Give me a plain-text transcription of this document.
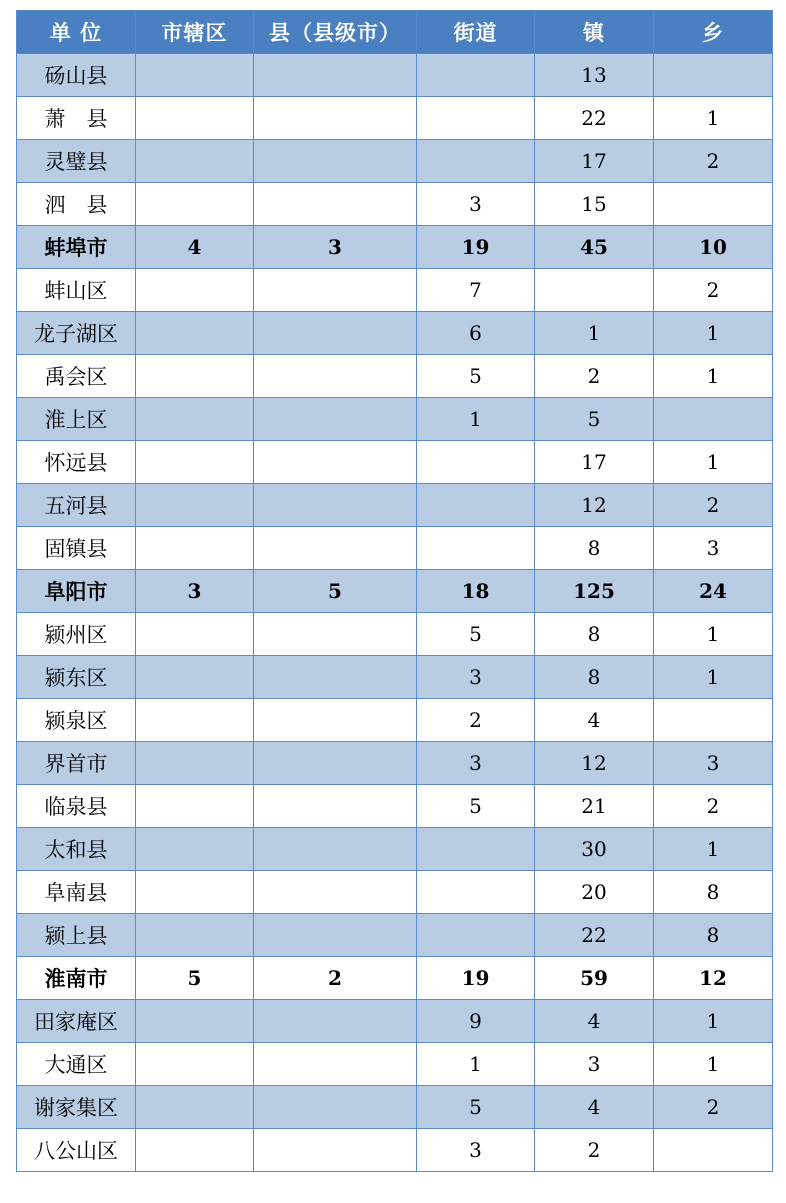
单 位	市辖区	县（县级市）	街道	镇	乡
砀山县				13	
萧　县				22	1
灵璧县				17	2
泗　县			3	15	
蚌埠市	4	3	19	45	10
蚌山区			7		2
龙子湖区			6	1	1
禹会区			5	2	1
淮上区			1	5	
怀远县				17	1
五河县				12	2
固镇县				8	3
阜阳市	3	5	18	125	24
颍州区			5	8	1
颍东区			3	8	1
颍泉区			2	4	
界首市			3	12	3
临泉县			5	21	2
太和县				30	1
阜南县				20	8
颍上县				22	8
淮南市	5	2	19	59	12
田家庵区			9	4	1
大通区			1	3	1
谢家集区			5	4	2
八公山区			3	2	
